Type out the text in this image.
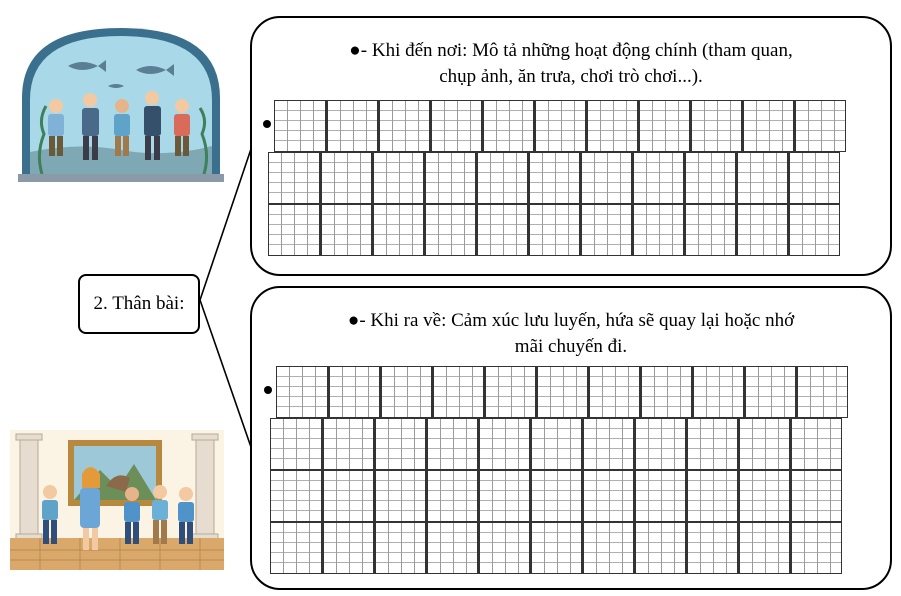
2. Thân bài:
●- Khi đến nơi: Mô tả những hoạt động chính (tham quan,
chụp ảnh, ăn trưa, chơi trò chơi...).
●- Khi ra về: Cảm xúc lưu luyến, hứa sẽ quay lại hoặc nhớ
mãi chuyến đi.
